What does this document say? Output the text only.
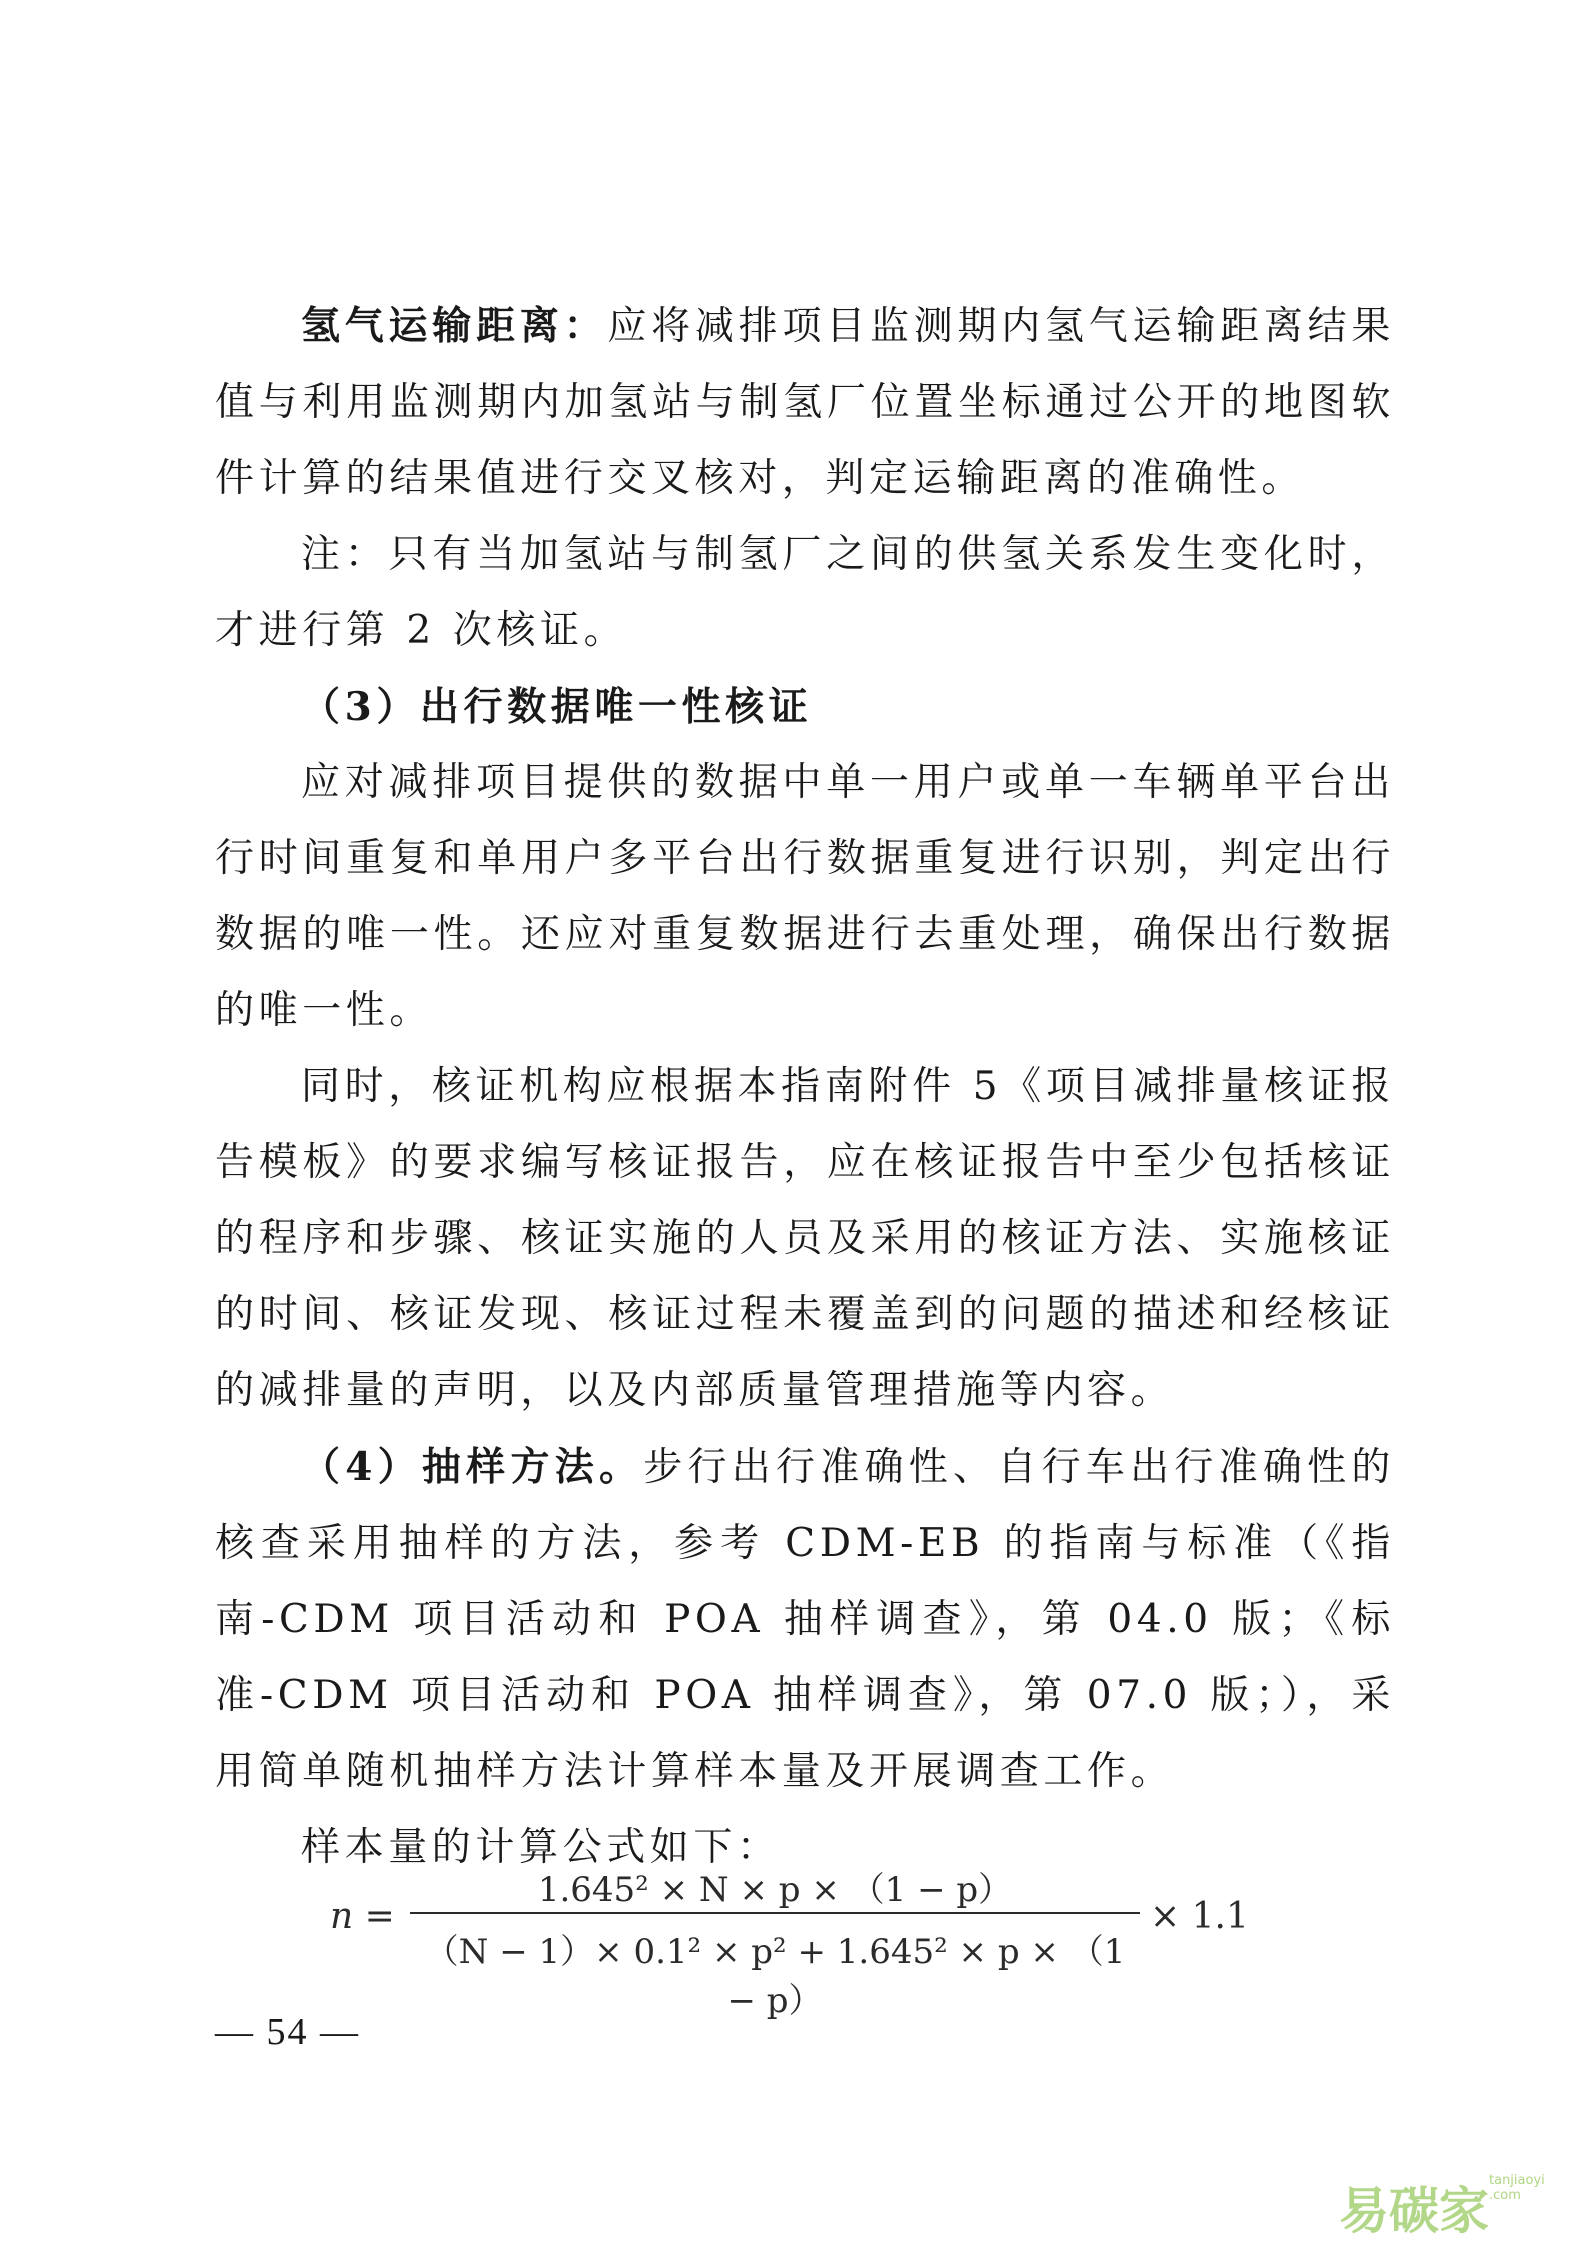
氢气运输距离：应将减排项目监测期内氢气运输距离结果值与利用监测期内加氢站与制氢厂位置坐标通过公开的地图软件计算的结果值进行交叉核对，判定运输距离的准确性。

注：只有当加氢站与制氢厂之间的供氢关系发生变化时，才进行第 2 次核证。

（3）出行数据唯一性核证

应对减排项目提供的数据中单一用户或单一车辆单平台出行时间重复和单用户多平台出行数据重复进行识别，判定出行数据的唯一性。还应对重复数据进行去重处理，确保出行数据的唯一性。

同时，核证机构应根据本指南附件 5《项目减排量核证报告模板》的要求编写核证报告，应在核证报告中至少包括核证的程序和步骤、核证实施的人员及采用的核证方法、实施核证的时间、核证发现、核证过程未覆盖到的问题的描述和经核证的减排量的声明，以及内部质量管理措施等内容。

（4）抽样方法。步行出行准确性、自行车出行准确性的核查采用抽样的方法，参考 CDM-EB 的指南与标准（《指南-CDM 项目活动和 POA 抽样调查》，第 04.0 版；《标准-CDM 项目活动和 POA 抽样调查》，第 07.0 版；），采用简单随机抽样方法计算样本量及开展调查工作。

样本量的计算公式如下：

n =
1.645² × N × p × （1 − p）
（N − 1）× 0.1² × p² + 1.645² × p × （1 − p）
× 1.1
— 54 —
易碳家
tanjiaoyi .com
